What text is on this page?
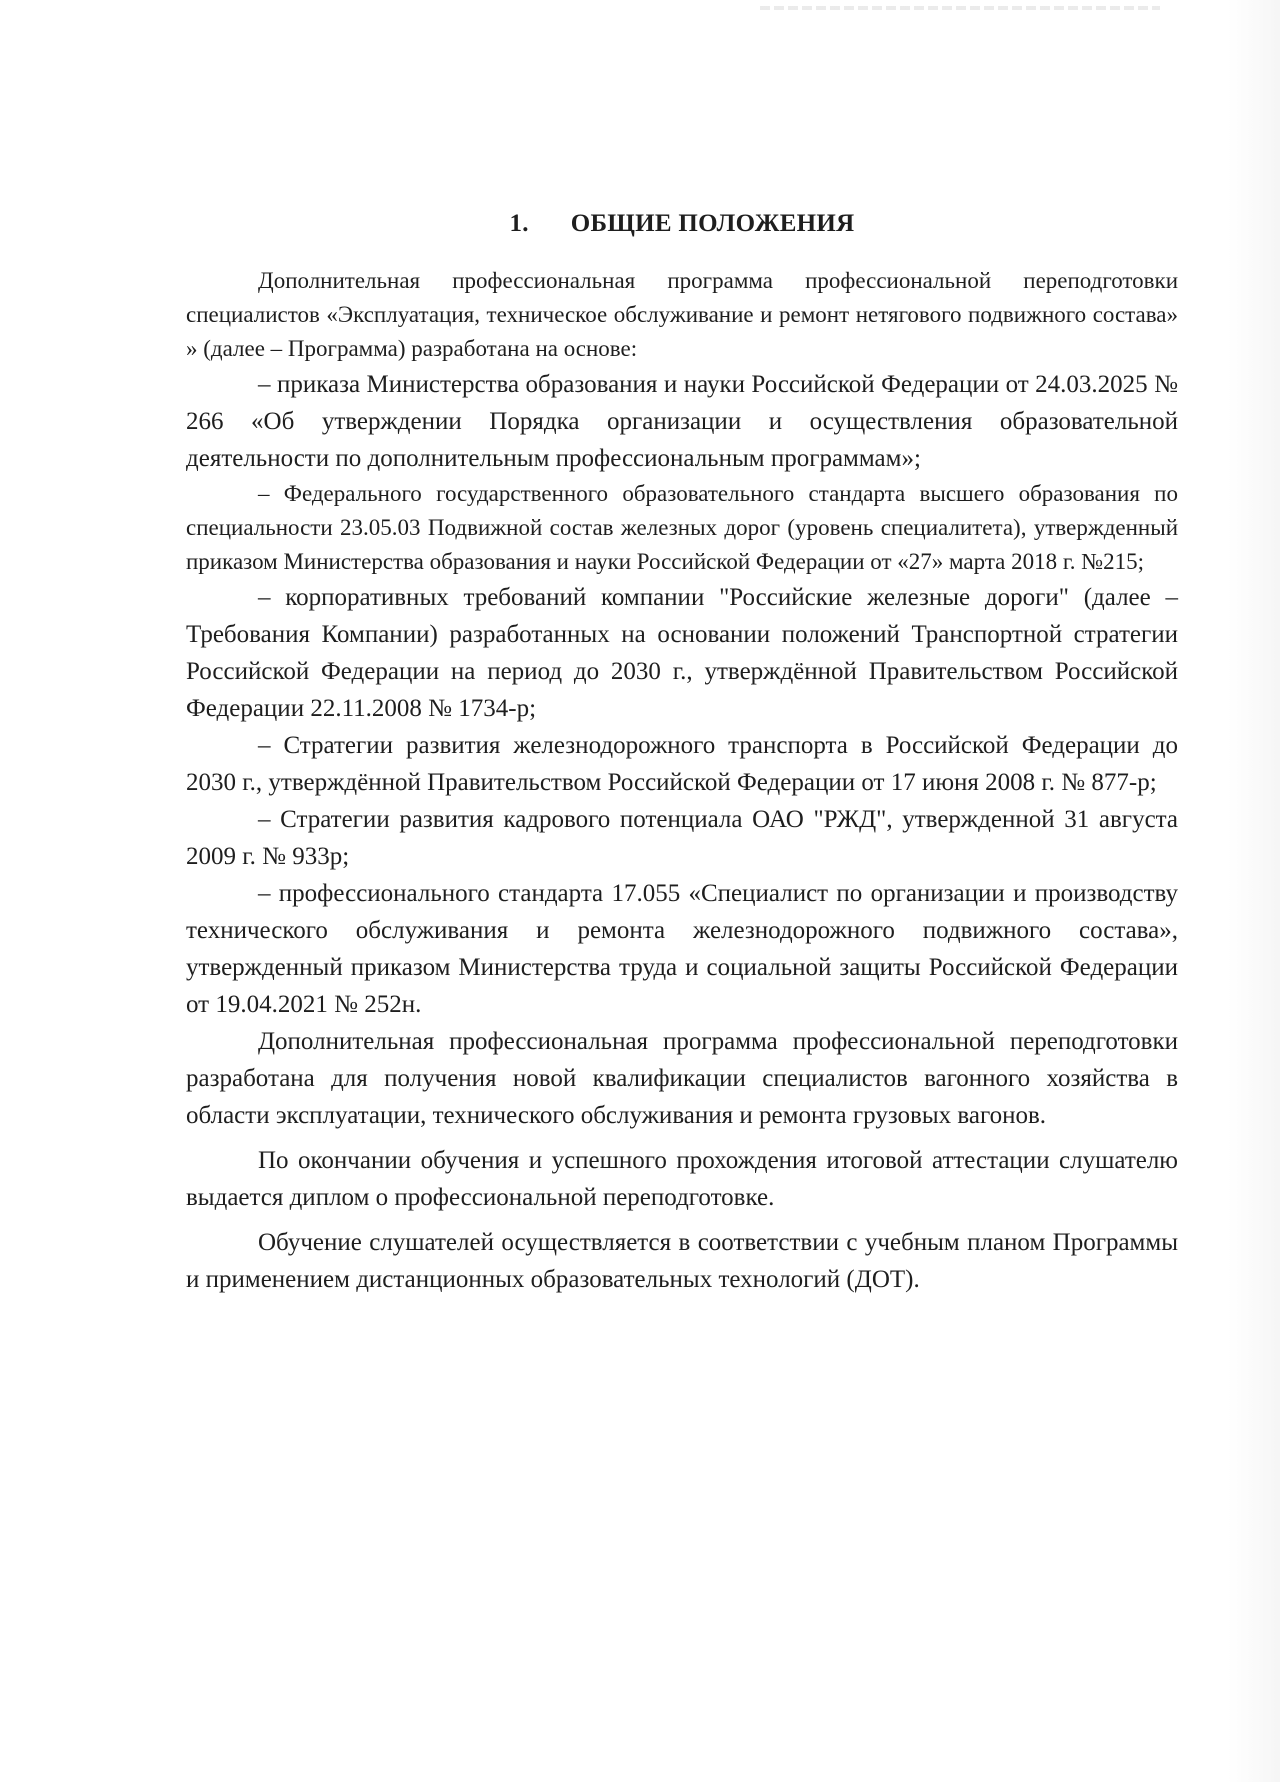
1. ОБЩИЕ ПОЛОЖЕНИЯ

Дополнительная профессиональная программа профессиональной переподготовки специалистов «Эксплуатация, техническое обслуживание и ремонт нетягового подвижного состава» » (далее – Программа) разработана на основе:

– приказа Министерства образования и науки Российской Федерации от 24.03.2025 № 266 «Об утверждении Порядка организации и осуществления образовательной деятельности по дополнительным профессиональным программам»;

– Федерального государственного образовательного стандарта высшего образования по специальности 23.05.03 Подвижной состав железных дорог (уровень специалитета), утвержденный приказом Министерства образования и науки Российской Федерации от «27» марта 2018 г. №215;

– корпоративных требований компании "Российские железные дороги" (далее – Требования Компании) разработанных на основании положений Транспортной стратегии Российской Федерации на период до 2030 г., утверждённой Правительством Российской Федерации 22.11.2008 № 1734-р;

– Стратегии развития железнодорожного транспорта в Российской Федерации до 2030 г., утверждённой Правительством Российской Федерации от 17 июня 2008 г. № 877-р;

– Стратегии развития кадрового потенциала ОАО "РЖД", утвержденной 31 августа 2009 г. № 933р;

– профессионального стандарта 17.055 «Специалист по организации и производству технического обслуживания и ремонта железнодорожного подвижного состава», утвержденный приказом Министерства труда и социальной защиты Российской Федерации от 19.04.2021 № 252н.

Дополнительная профессиональная программа профессиональной переподготовки разработана для получения новой квалификации специалистов вагонного хозяйства в области эксплуатации, технического обслуживания и ремонта грузовых вагонов.

По окончании обучения и успешного прохождения итоговой аттестации слушателю выдается диплом о профессиональной переподготовке.

Обучение слушателей осуществляется в соответствии с учебным планом Программы и применением дистанционных образовательных технологий (ДОТ).
